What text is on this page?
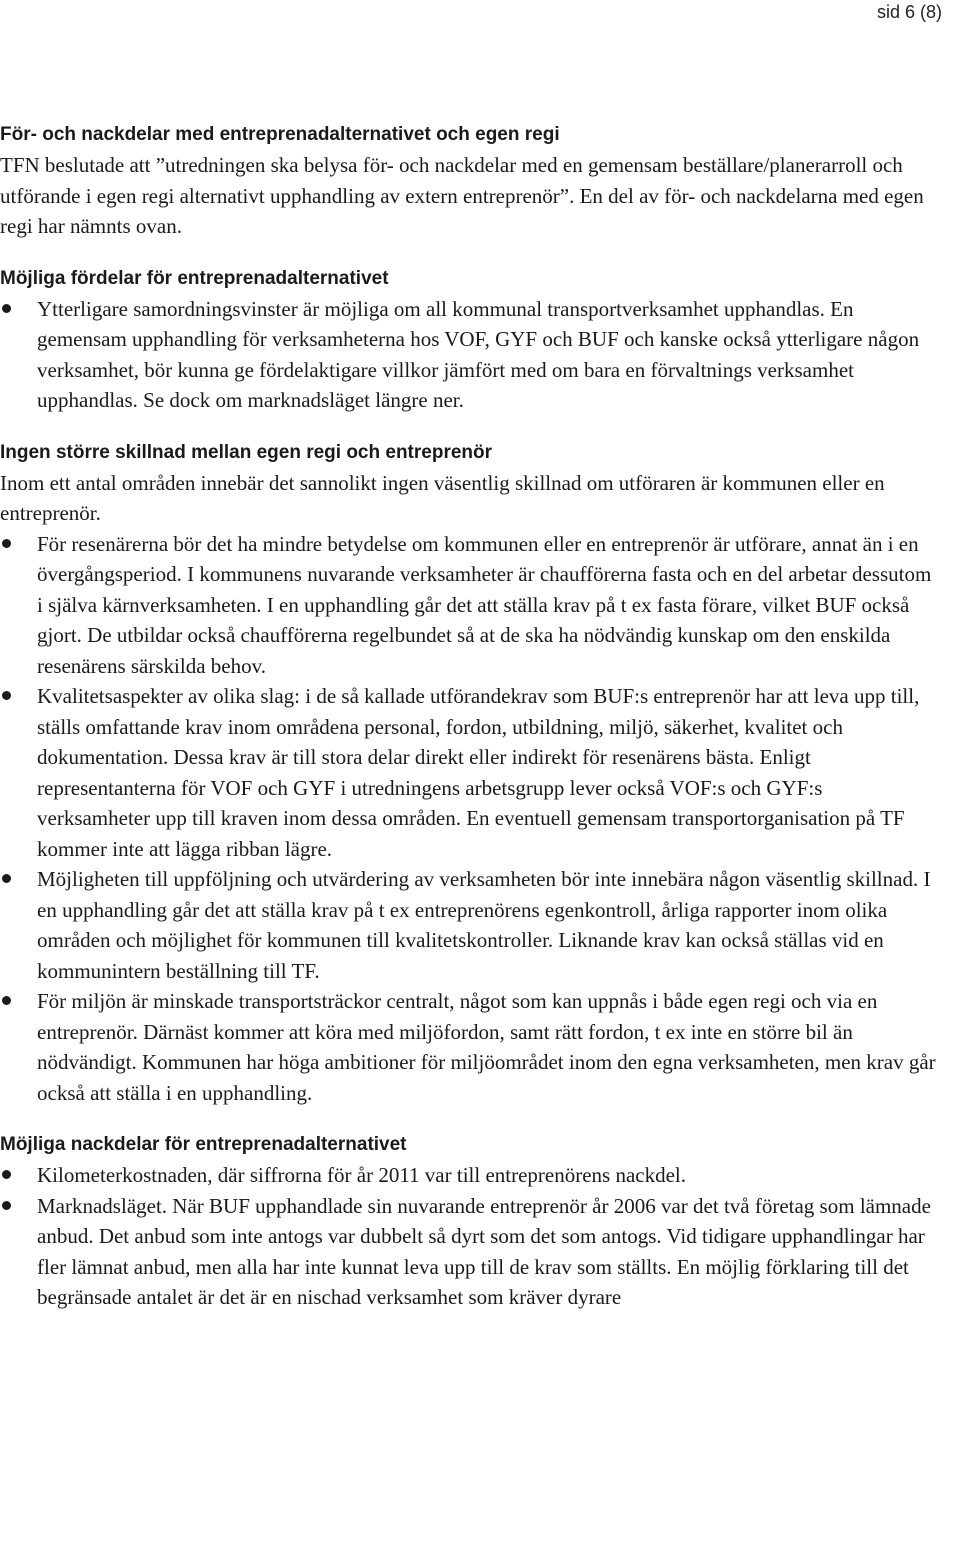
sid 6 (8)
För- och nackdelar med entreprenadalternativet och egen regi

TFN beslutade att ”utredningen ska belysa för- och nackdelar med en gemensam beställare/planerarroll och utförande i egen regi alternativt upphandling av extern entreprenör”. En del av för- och nackdelarna med egen regi har nämnts ovan.

Möjliga fördelar för entreprenadalternativet
Ytterligare samordningsvinster är möjliga om all kommunal transportverksamhet upphandlas. En gemensam upphandling för verksamheterna hos VOF, GYF och BUF och kanske också ytterligare någon verksamhet, bör kunna ge fördelaktigare villkor jämfört med om bara en förvaltnings verksamhet upphandlas. Se dock om marknadsläget längre ner.
Ingen större skillnad mellan egen regi och entreprenör

Inom ett antal områden innebär det sannolikt ingen väsentlig skillnad om utföraren är kommunen eller en entreprenör.

För resenärerna bör det ha mindre betydelse om kommunen eller en entreprenör är utförare, annat än i en övergångsperiod. I kommunens nuvarande verksamheter är chaufförerna fasta och en del arbetar dessutom i själva kärnverksamheten. I en upphandling går det att ställa krav på t ex fasta förare, vilket BUF också gjort. De utbildar också chaufförerna regelbundet så at de ska ha nödvändig kunskap om den enskilda resenärens särskilda behov.
Kvalitetsaspekter av olika slag: i de så kallade utförandekrav som BUF:s entreprenör har att leva upp till, ställs omfattande krav inom områdena personal, fordon, utbildning, miljö, säkerhet, kvalitet och dokumentation. Dessa krav är till stora delar direkt eller indirekt för resenärens bästa. Enligt representanterna för VOF och GYF i utredningens arbetsgrupp lever också VOF:s och GYF:s verksamheter upp till kraven inom dessa områden. En eventuell gemensam transportorganisation på TF kommer inte att lägga ribban lägre.
Möjligheten till uppföljning och utvärdering av verksamheten bör inte innebära någon väsentlig skillnad. I en upphandling går det att ställa krav på t ex entreprenörens egenkontroll, årliga rapporter inom olika områden och möjlighet för kommunen till kvalitetskontroller. Liknande krav kan också ställas vid en kommunintern beställning till TF.
För miljön är minskade transportsträckor centralt, något som kan uppnås i både egen regi och via en entreprenör. Därnäst kommer att köra med miljöfordon, samt rätt fordon, t ex inte en större bil än nödvändigt. Kommunen har höga ambitioner för miljöområdet inom den egna verksamheten, men krav går också att ställa i en upphandling.
Möjliga nackdelar för entreprenadalternativet
Kilometerkostnaden, där siffrorna för år 2011 var till entreprenörens nackdel.
Marknadsläget. När BUF upphandlade sin nuvarande entreprenör år 2006 var det två företag som lämnade anbud. Det anbud som inte antogs var dubbelt så dyrt som det som antogs. Vid tidigare upphandlingar har fler lämnat anbud, men alla har inte kunnat leva upp till de krav som ställts. En möjlig förklaring till det begränsade antalet är det är en nischad verksamhet som kräver dyrare
